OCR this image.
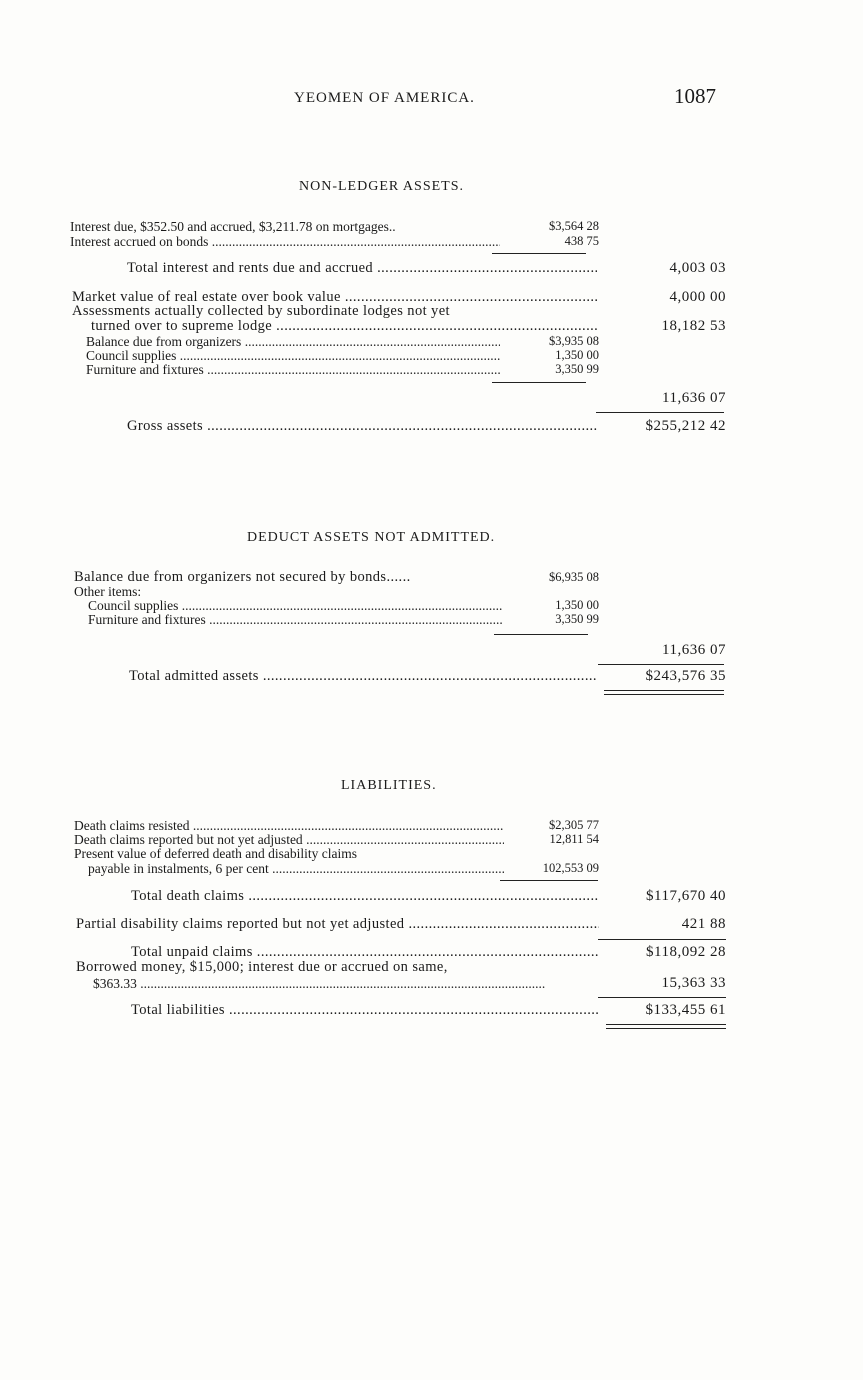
YEOMEN OF AMERICA.	1087
NON-LEDGER ASSETS.
Interest due, $352.50 and accrued, $3,211.78 on mortgages..	$3,564 28
Interest accrued on bonds .....	438 75
Total interest and rents due and accrued .....	4,003 03
Market value of real estate over book value .....	4,000 00
Assessments actually collected by subordinate lodges not yet
turned over to supreme lodge .....	18,182 53
Balance due from organizers .....	$3,935 08
Council supplies .....	1,350 00
Furniture and fixtures .....	3,350 99
11,636 07
Gross assets .....	$255,212 42
DEDUCT ASSETS NOT ADMITTED.
Balance due from organizers not secured by bonds......	$6,935 08
Other items:
Council supplies .....	1,350 00
Furniture and fixtures .....	3,350 99
11,636 07
Total admitted assets .....	$243,576 35
LIABILITIES.
Death claims resisted .....	$2,305 77
Death claims reported but not yet adjusted .....	12,811 54
Present value of deferred death and disability claims
payable in instalments, 6 per cent .....	102,553 09
Total death claims .....	$117,670 40
Partial disability claims reported but not yet adjusted .....	421 88
Total unpaid claims .....	$118,092 28
Borrowed money, $15,000; interest due or accrued on same,
$363.33 .....	15,363 33
Total liabilities .....	$133,455 61
